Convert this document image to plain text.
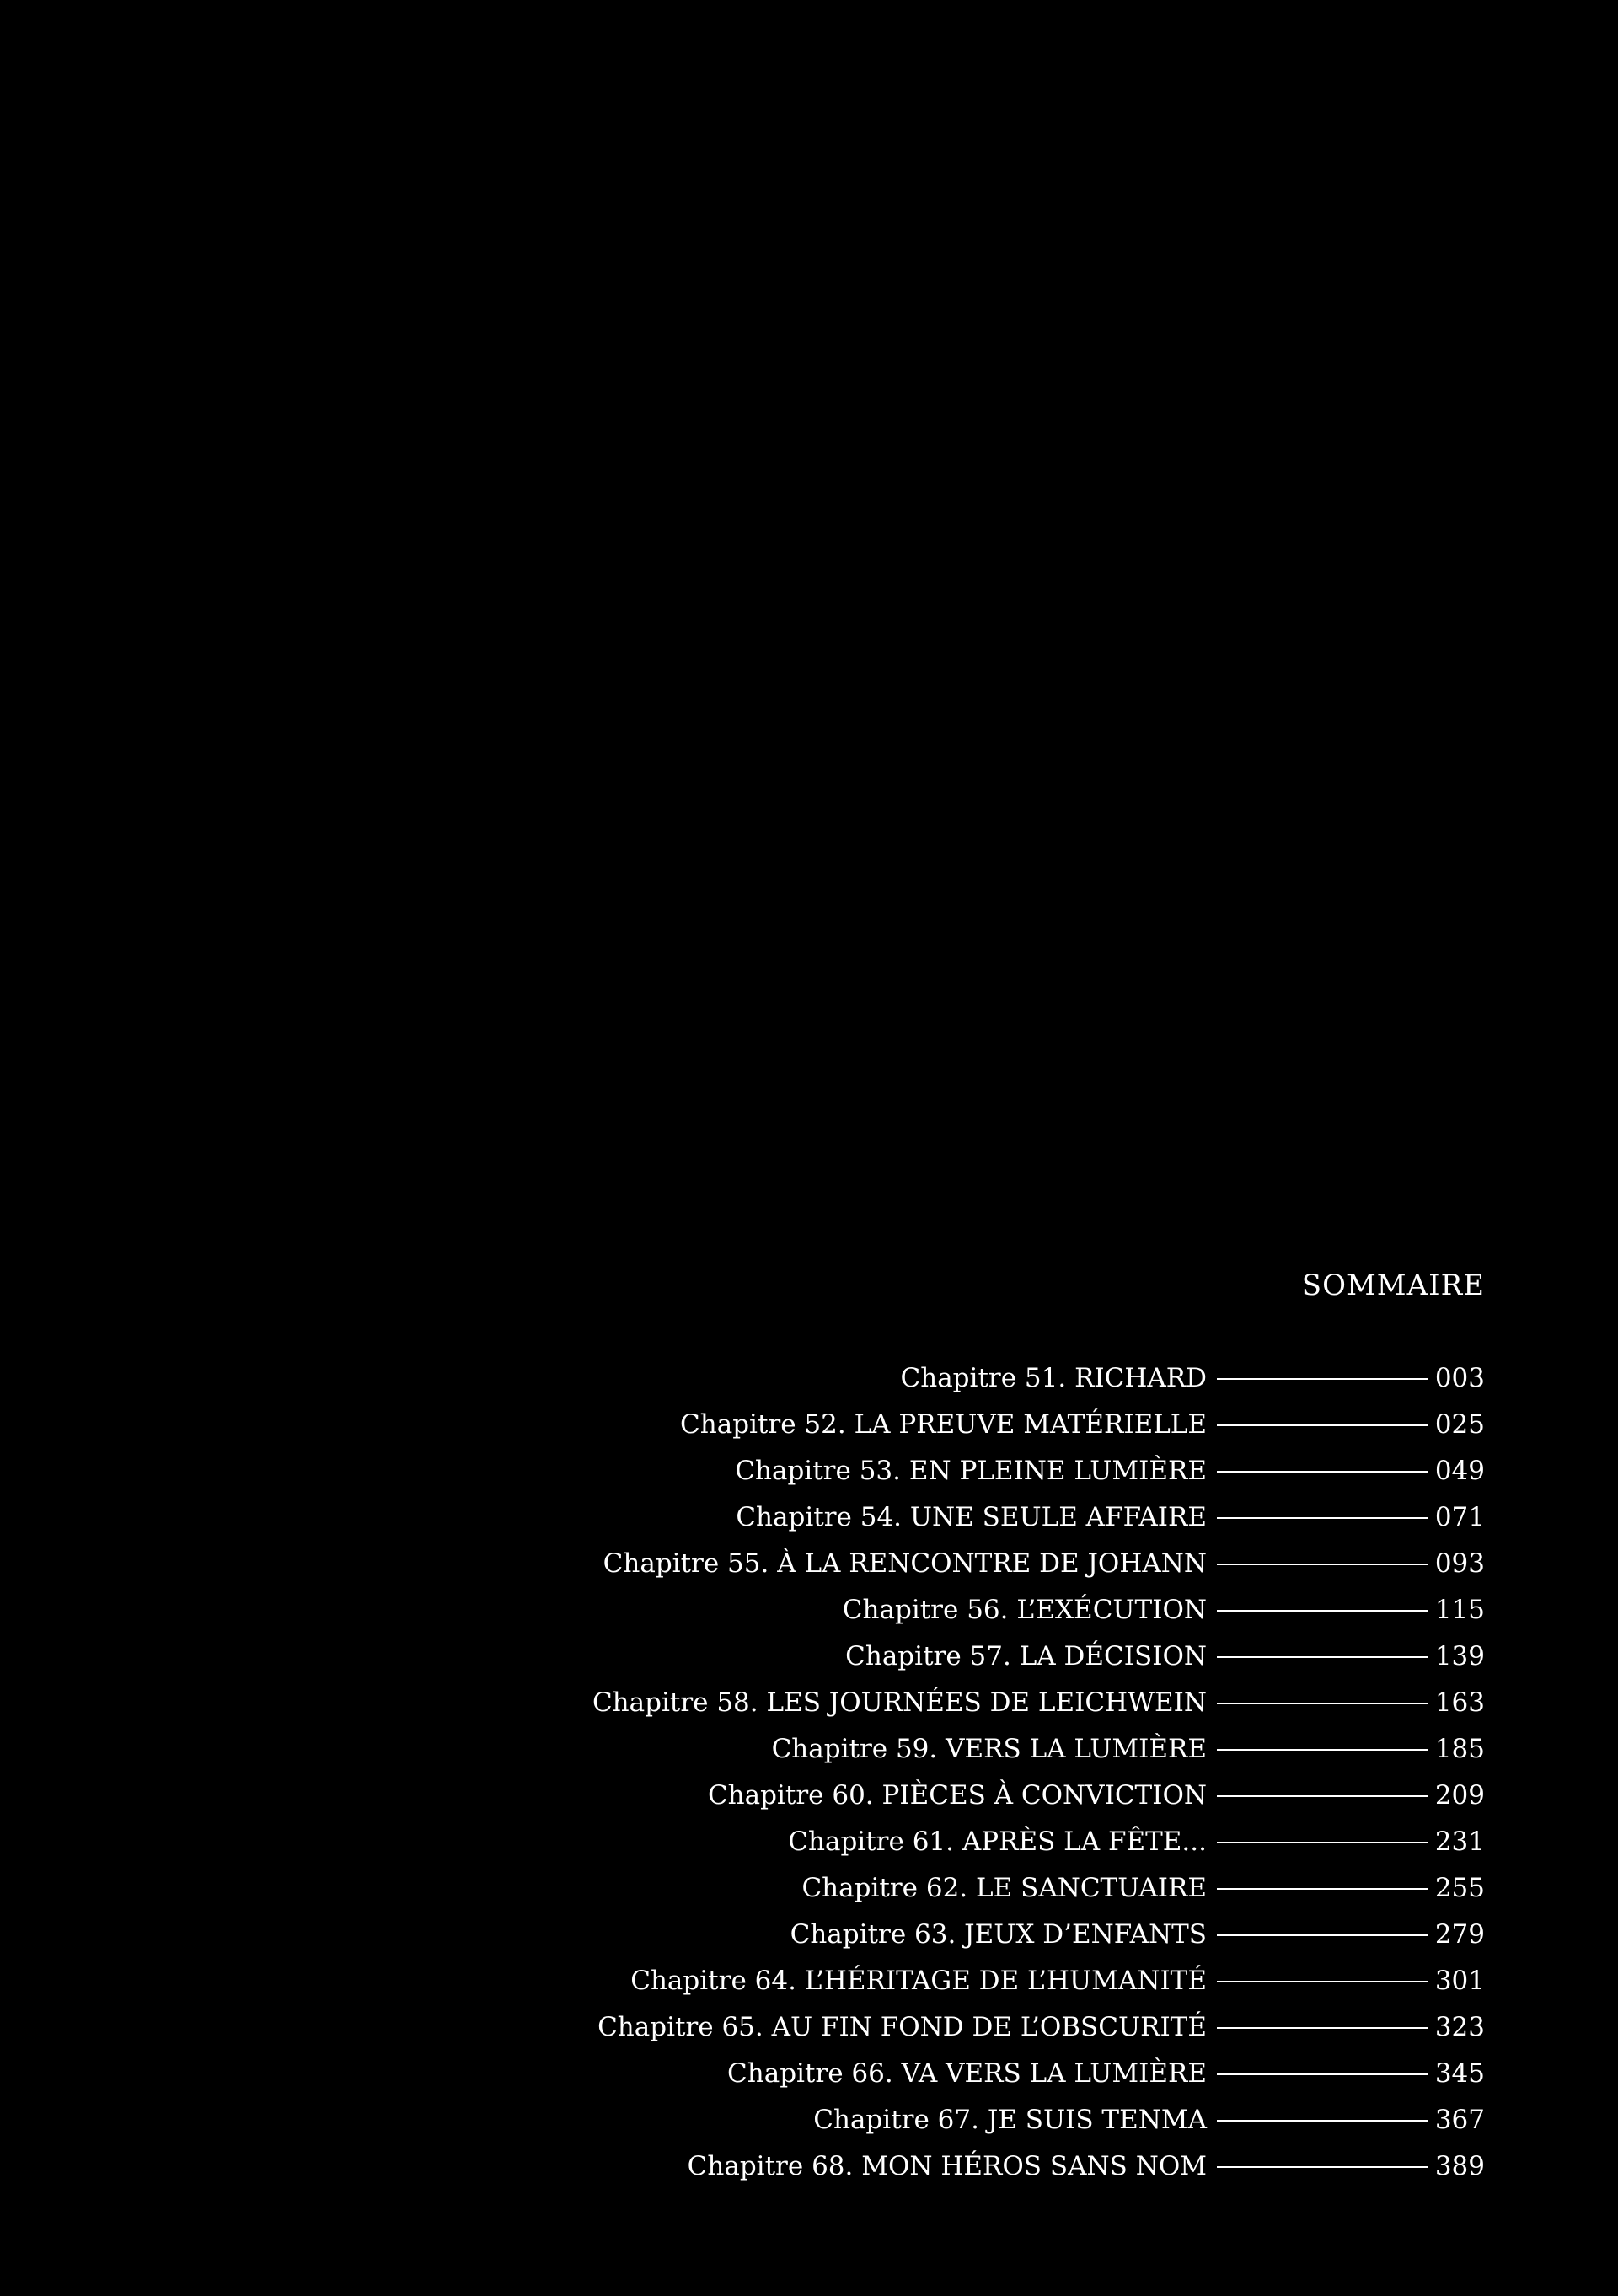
SOMMAIRE
Chapitre 51. RICHARD	003
Chapitre 52. LA PREUVE MATÉRIELLE	025
Chapitre 53. EN PLEINE LUMIÈRE	049
Chapitre 54. UNE SEULE AFFAIRE	071
Chapitre 55. À LA RENCONTRE DE JOHANN	093
Chapitre 56. L’EXÉCUTION	115
Chapitre 57. LA DÉCISION	139
Chapitre 58. LES JOURNÉES DE LEICHWEIN	163
Chapitre 59. VERS LA LUMIÈRE	185
Chapitre 60. PIÈCES À CONVICTION	209
Chapitre 61. APRÈS LA FÊTE...	231
Chapitre 62. LE SANCTUAIRE	255
Chapitre 63. JEUX D’ENFANTS	279
Chapitre 64. L’HÉRITAGE DE L’HUMANITÉ	301
Chapitre 65. AU FIN FOND DE L’OBSCURITÉ	323
Chapitre 66. VA VERS LA LUMIÈRE	345
Chapitre 67. JE SUIS TENMA	367
Chapitre 68. MON HÉROS SANS NOM	389
